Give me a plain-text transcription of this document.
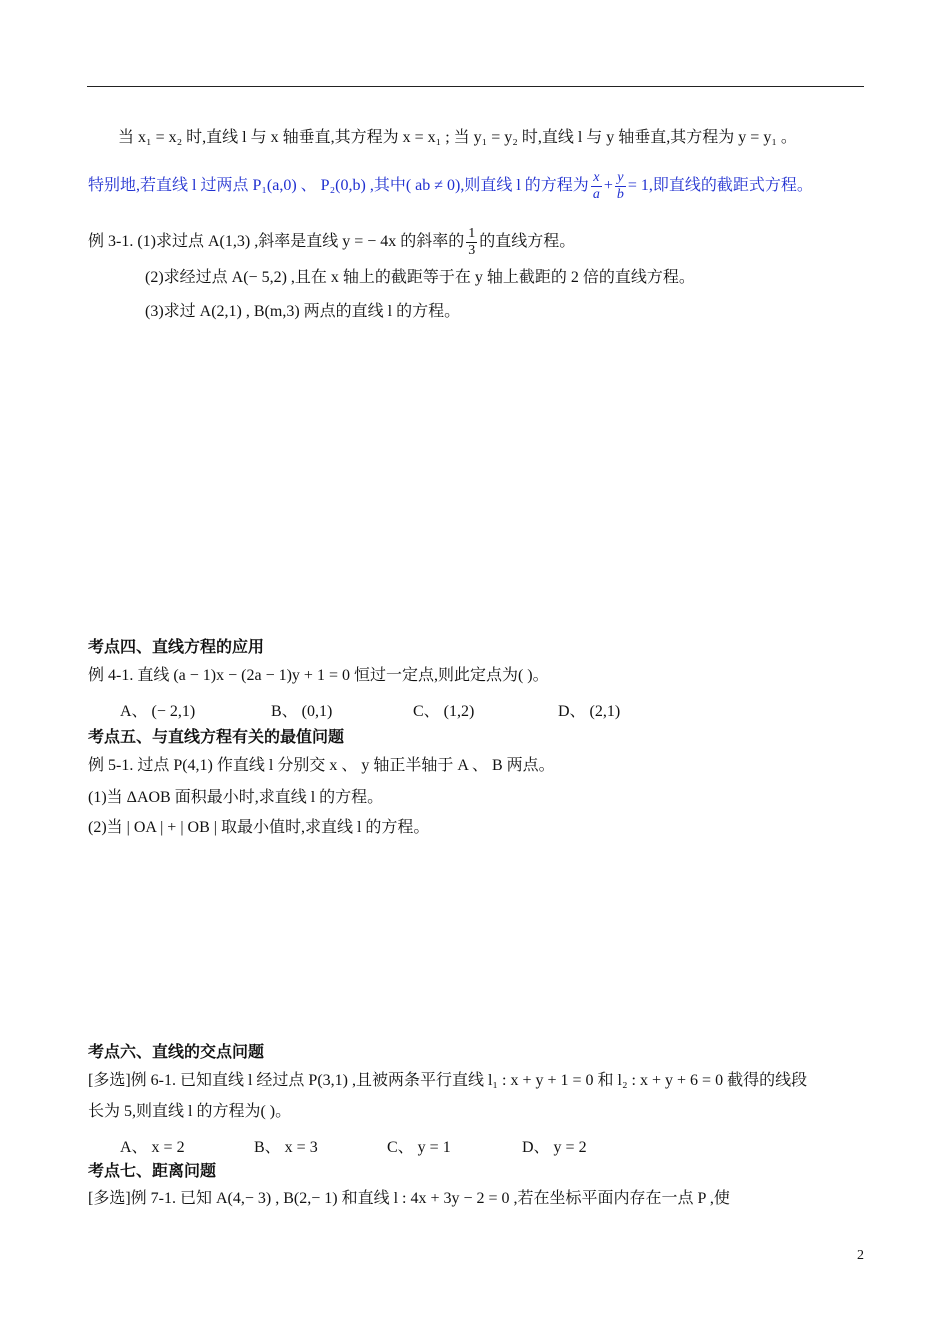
当 x₁ = x₂ 时,直线 l 与 x 轴垂直,其方程为 x = x₁ ; 当 y₁ = y₂ 时,直线 l 与 y 轴垂直,其方程为 y = y₁ 。
特别地,若直线 l 过两点 P₁(a,0) 、 P₂(0,b) ,其中( ab ≠ 0),则直线 l 的方程为 $\frac{x}{a} + \frac{y}{b} = 1$,即直线的截距式方程。
例 3-1. (1)求过点 A(1,3) ,斜率是直线 y = − 4x 的斜率的 $\frac{1}{3}$ 的直线方程。
(2)求经过点 A(− 5,2) ,且在 x 轴上的截距等于在 y 轴上截距的 2 倍的直线方程。
(3)求过 A(2,1) , B(m,3) 两点的直线 l 的方程。
考点四、直线方程的应用
例 4-1. 直线 (a − 1)x − (2a − 1)y + 1 = 0 恒过一定点,则此定点为( )。
A、 (− 2,1)	B、 (0,1)	C、 (1,2)	D、 (2,1)
考点五、与直线方程有关的最值问题
例 5-1. 过点 P(4,1) 作直线 l 分别交 x 、 y 轴正半轴于 A 、 B 两点。
(1)当 ΔAOB 面积最小时,求直线 l 的方程。
(2)当 | OA | + | OB | 取最小值时,求直线 l 的方程。
考点六、直线的交点问题
[多选]例 6-1. 已知直线 l 经过点 P(3,1) ,且被两条平行直线 l₁ : x + y + 1 = 0 和 l₂ : x + y + 6 = 0 截得的线段
长为 5,则直线 l 的方程为( )。
A、 x = 2	B、 x = 3	C、 y = 1	D、 y = 2
考点七、距离问题
[多选]例 7-1. 已知 A(4,− 3) , B(2,− 1) 和直线 l : 4x + 3y − 2 = 0 ,若在坐标平面内存在一点 P ,使
2
